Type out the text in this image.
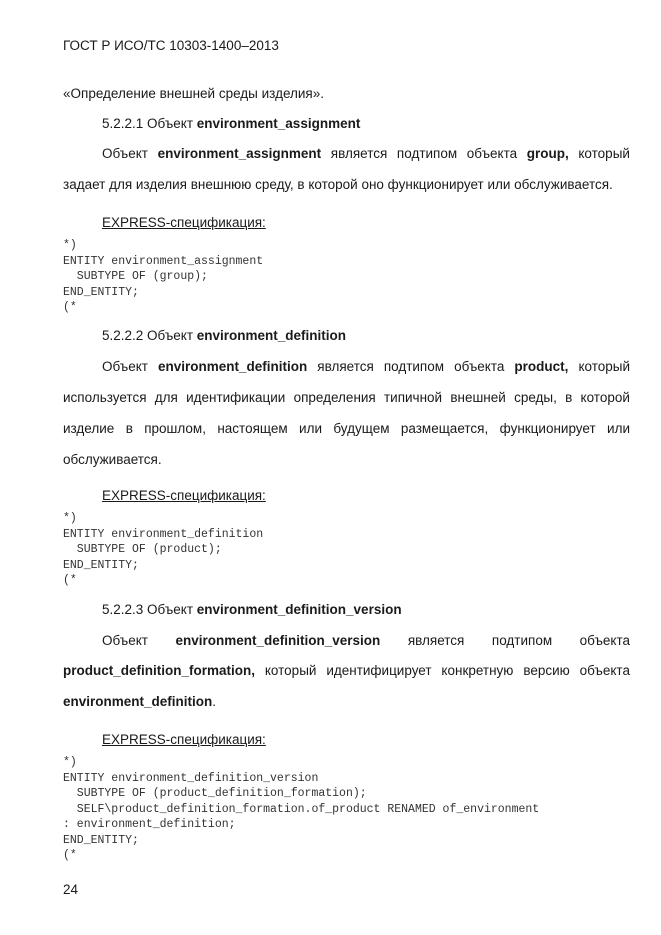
ГОСТ Р ИСО/ТС 10303-1400–2013
«Определение внешней среды изделия».
5.2.2.1 Объект environment_assignment
Объект environment_assignment является подтипом объекта group, который
задает для изделия внешнюю среду, в которой оно функционирует или обслуживается.
EXPRESS-спецификация:
*)
ENTITY environment_assignment
SUBTYPE OF (group);
END_ENTITY;
(*
5.2.2.2 Объект environment_definition
Объект environment_definition является подтипом объекта product, который
используется для идентификации определения типичной внешней среды, в которой
изделие в прошлом, настоящем или будущем размещается, функционирует или
обслуживается.
EXPRESS-спецификация:
*)
ENTITY environment_definition
SUBTYPE OF (product);
END_ENTITY;
(*
5.2.2.3 Объект environment_definition_version
Объект environment_definition_version является подтипом объекта
product_definition_formation, который идентифицирует конкретную версию объекта
environment_definition.
EXPRESS-спецификация:
*)
ENTITY environment_definition_version
SUBTYPE OF (product_definition_formation);
SELF\product_definition_formation.of_product RENAMED of_environment
: environment_definition;
END_ENTITY;
(*
24
